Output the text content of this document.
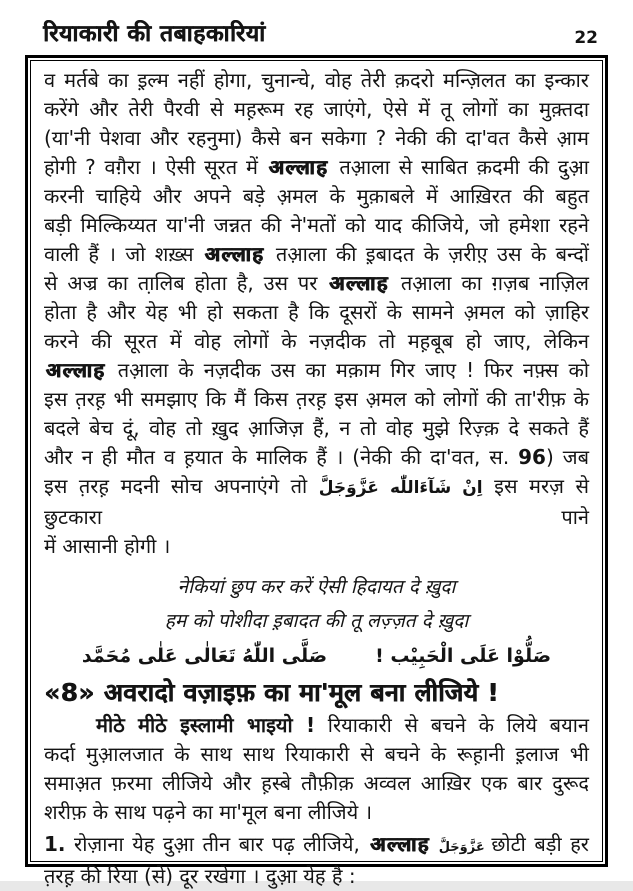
रियाकारी की तबाहकारियां	22
व मर्तबे का इ़ल्म नहीं होगा, चुनान्चे, वोह तेरी क़दरो मन्ज़िलत का इन्कार
करेंगे और तेरी पैरवी से मह़रूम रह जाएंगे, ऐसे में तू लोगों का मुक़्तदा
(या'नी पेशवा और रहनुमा) कैसे बन सकेगा ? नेकी की दा'वत कैसे आ़म
होगी ? वग़ैरा । ऐसी सूरत में अल्लाह तआ़ला से साबित क़दमी की दुआ़
करनी चाहिये और अपने बड़े अ़मल के मुक़ाबले में आख़िरत की बहुत
बड़ी मिल्किय्यत या'नी जन्नत की ने'मतों को याद कीजिये, जो हमेशा रहने
वाली हैं । जो शख़्स अल्लाह तआ़ला की इ़बादत के ज़रीए़ उस के बन्दों
से अज्र का ता़लिब होता है, उस पर अल्लाह तआ़ला का ग़ज़ब नाज़िल
होता है और येह भी हो सकता है कि दूसरों के सामने अ़मल को ज़ाहिर
करने की सूरत में वोह लोगों के नज़दीक तो मह़बूब हो जाए, लेकिन
अल्लाह तआ़ला के नज़दीक उस का मक़ाम गिर जाए ! फिर नफ़्स को
इस त़रह़ भी समझाए कि मैं किस त़रह़ इस अ़मल को लोगों की ता'रीफ़ के
बदले बेच दूं, वोह तो ख़ुद आ़जिज़ हैं, न तो वोह मुझे रिज़्क़ दे सकते हैं
और न ही मौत व ह़यात के मालिक हैं । (नेकी की दा'वत, स. 96) जब
इस त़रह़ मदनी सोच अपनाएंगे तो اِنْ شَآءَاللّٰه عَزَّوَجَلَّ इस मरज़ से छुटकारा पाने
में आसानी होगी ।
नेकियां छुप कर करें ऐसी हिदायत दे ख़ुदा
हम को पोशीदा इ़बादत की तू लज़्ज़त दे ख़ुदा
صَلُّوْا عَلَى الْحَبِيْب !
صَلَّى اللّٰهُ تَعَالٰى عَلٰى مُحَمَّد
«8» अवरादो वज़ाइफ़ का मा'मूल बना लीजिये !
मीठे मीठे इस्लामी भाइयो ! रियाकारी से बचने के लिये बयान
कर्दा मुआ़लजात के साथ साथ रियाकारी से बचने के रूह़ानी इ़लाज भी
समाअ़त फ़रमा लीजिये और ह़स्बे तौफ़ीक़ अव्वल आख़िर एक बार दुरूद
शरीफ़ के साथ पढ़ने का मा'मूल बना लीजिये ।
1. रोज़ाना येह दुआ़ तीन बार पढ़ लीजिये, अल्लाह عَزَّوَجَلَّ छोटी बड़ी हर
त़रह़ की रिया (से) दूर रखेगा । दुआ़ येह है :
